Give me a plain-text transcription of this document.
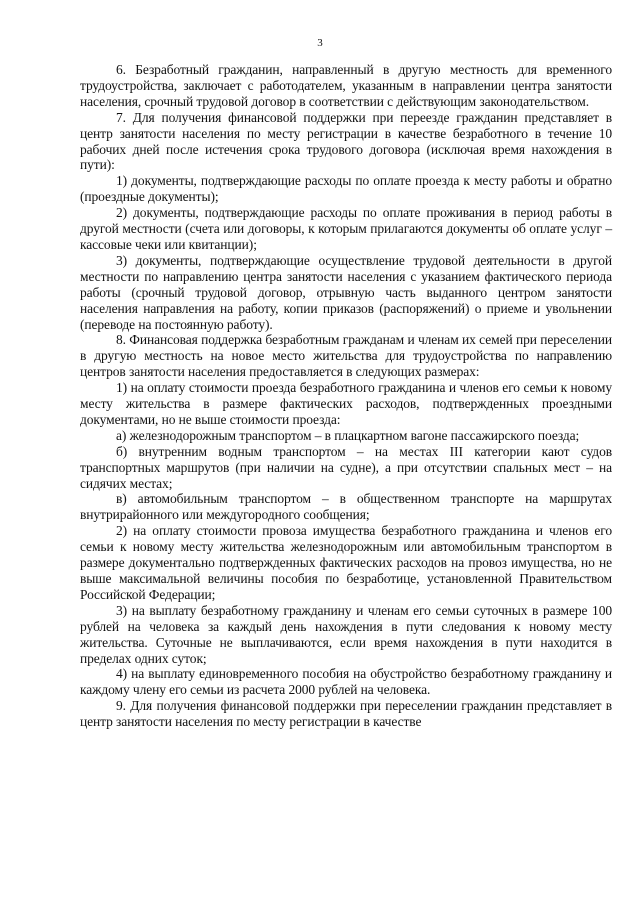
3

6. Безработный гражданин, направленный в другую местность для временного трудоустройства, заключает с работодателем, указанным в направлении центра занятости населения, срочный трудовой договор в соответствии с действующим законодательством.

7. Для получения финансовой поддержки при переезде гражданин представляет в центр занятости населения по месту регистрации в качестве безработного в течение 10 рабочих дней после истечения срока трудового договора (исключая время нахождения в пути):

1) документы, подтверждающие расходы по оплате проезда к месту работы и обратно (проездные документы);

2) документы, подтверждающие расходы по оплате проживания в период работы в другой местности (счета или договоры, к которым прилагаются документы об оплате услуг – кассовые чеки или квитанции);

3) документы, подтверждающие осуществление трудовой деятельности в другой местности по направлению центра занятости населения с указанием фактического периода работы (срочный трудовой договор, отрывную часть выданного центром занятости населения направления на работу, копии приказов (распоряжений) о приеме и увольнении (переводе на постоянную работу).

8. Финансовая поддержка безработным гражданам и членам их семей при переселении в другую местность на новое место жительства для трудоустройства по направлению центров занятости населения предоставляется в следующих размерах:

1) на оплату стоимости проезда безработного гражданина и членов его семьи к новому месту жительства в размере фактических расходов, подтвержденных проездными документами, но не выше стоимости проезда:

а) железнодорожным транспортом – в плацкартном вагоне пассажирского поезда;

б) внутренним водным транспортом – на местах III категории кают судов транспортных маршрутов (при наличии на судне), а при отсутствии спальных мест – на сидячих местах;

в) автомобильным транспортом – в общественном транспорте на маршрутах внутрирайонного или междугородного сообщения;

2) на оплату стоимости провоза имущества безработного гражданина и членов его семьи к новому месту жительства железнодорожным или автомобильным транспортом в размере документально подтвержденных фактических расходов на провоз имущества, но не выше максимальной величины пособия по безработице, установленной Правительством Российской Федерации;

3) на выплату безработному гражданину и членам его семьи суточных в размере 100 рублей на человека за каждый день нахождения в пути следования к новому месту жительства. Суточные не выплачиваются, если время нахождения в пути находится в пределах одних суток;

4) на выплату единовременного пособия на обустройство безработному гражданину и каждому члену его семьи из расчета 2000 рублей на человека.

9. Для получения финансовой поддержки при переселении гражданин представляет в центр занятости населения по месту регистрации в качестве
